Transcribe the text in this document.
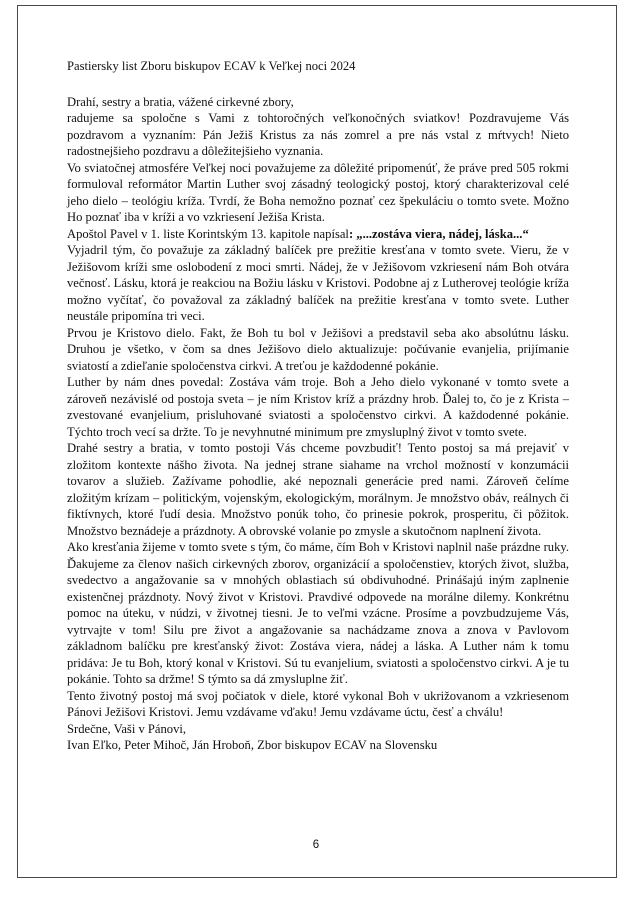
Pastiersky list Zboru biskupov ECAV k Veľkej noci 2024

Drahí, sestry a bratia, vážené cirkevné zbory,

radujeme sa spoločne s Vami z tohtoročných veľkonočných sviatkov! Pozdravujeme Vás pozdravom a vyznaním: Pán Ježiš Kristus za nás zomrel a pre nás vstal z mŕtvych! Nieto radostnejšieho pozdravu a dôležitejšieho vyznania.

Vo sviatočnej atmosfére Veľkej noci považujeme za dôležité pripomenúť, že práve pred 505 rokmi formuloval reformátor Martin Luther svoj zásadný teologický postoj, ktorý charakterizoval celé jeho dielo – teológiu kríža. Tvrdí, že Boha nemožno poznať cez špekuláciu o tomto svete. Možno Ho poznať iba v kríži a vo vzkriesení Ježiša Krista.

Apoštol Pavel v 1. liste Korintským 13. kapitole napísal: „...zostáva viera, nádej, láska...“

Vyjadril tým, čo považuje za základný balíček pre prežitie kresťana v tomto svete. Vieru, že v Ježišovom kríži sme oslobodení z moci smrti. Nádej, že v Ježišovom vzkriesení nám Boh otvára večnosť. Lásku, ktorá je reakciou na Božiu lásku v Kristovi. Podobne aj z Lutherovej teológie kríža možno vyčítať, čo považoval za základný balíček na prežitie kresťana v tomto svete. Luther neustále pripomína tri veci.

Prvou je Kristovo dielo. Fakt, že Boh tu bol v Ježišovi a predstavil seba ako absolútnu lásku. Druhou je všetko, v čom sa dnes Ježišovo dielo aktualizuje: počúvanie evanjelia, prijímanie sviatostí a zdieľanie spoločenstva cirkvi. A treťou je každodenné pokánie.

Luther by nám dnes povedal: Zostáva vám troje. Boh a Jeho dielo vykonané v tomto svete a zároveň nezávislé od postoja sveta – je ním Kristov kríž a prázdny hrob. Ďalej to, čo je z Krista – zvestované evanjelium, prisluhované sviatosti a spoločenstvo cirkvi. A každodenné pokánie. Týchto troch vecí sa držte. To je nevyhnutné minimum pre zmysluplný život v tomto svete.

Drahé sestry a bratia, v tomto postoji Vás chceme povzbudiť! Tento postoj sa má prejaviť v zložitom kontexte nášho života. Na jednej strane siahame na vrchol možností v konzumácii tovarov a služieb. Zažívame pohodlie, aké nepoznali generácie pred nami. Zároveň čelíme zložitým krízam – politickým, vojenským, ekologickým, morálnym. Je množstvo obáv, reálnych či fiktívnych, ktoré ľudí desia. Množstvo ponúk toho, čo prinesie pokrok, prosperitu, či pôžitok. Množstvo beznádeje a prázdnoty. A obrovské volanie po zmysle a skutočnom naplnení života.

Ako kresťania žijeme v tomto svete s tým, čo máme, čím Boh v Kristovi naplnil naše prázdne ruky. Ďakujeme za členov našich cirkevných zborov, organizácií a spoločenstiev, ktorých život, služba, svedectvo a angažovanie sa v mnohých oblastiach sú obdivuhodné. Prinášajú iným zaplnenie existenčnej prázdnoty. Nový život v Kristovi. Pravdivé odpovede na morálne dilemy. Konkrétnu pomoc na úteku, v núdzi, v životnej tiesni. Je to veľmi vzácne. Prosíme a povzbudzujeme Vás, vytrvajte v tom! Silu pre život a angažovanie sa nachádzame znova a znova v Pavlovom základnom balíčku pre kresťanský život: Zostáva viera, nádej a láska. A Luther nám k tomu pridáva: Je tu Boh, ktorý konal v Kristovi. Sú tu evanjelium, sviatosti a spoločenstvo cirkvi. A je tu pokánie. Tohto sa držme! S týmto sa dá zmysluplne žiť.

Tento životný postoj má svoj počiatok v diele, ktoré vykonal Boh v ukrižovanom a vzkriesenom Pánovi Ježišovi Kristovi. Jemu vzdávame vďaku! Jemu vzdávame úctu, česť a chválu!

Srdečne, Vaši v Pánovi,

Ivan Eľko, Peter Mihoč, Ján Hroboň, Zbor biskupov ECAV na Slovensku

6
